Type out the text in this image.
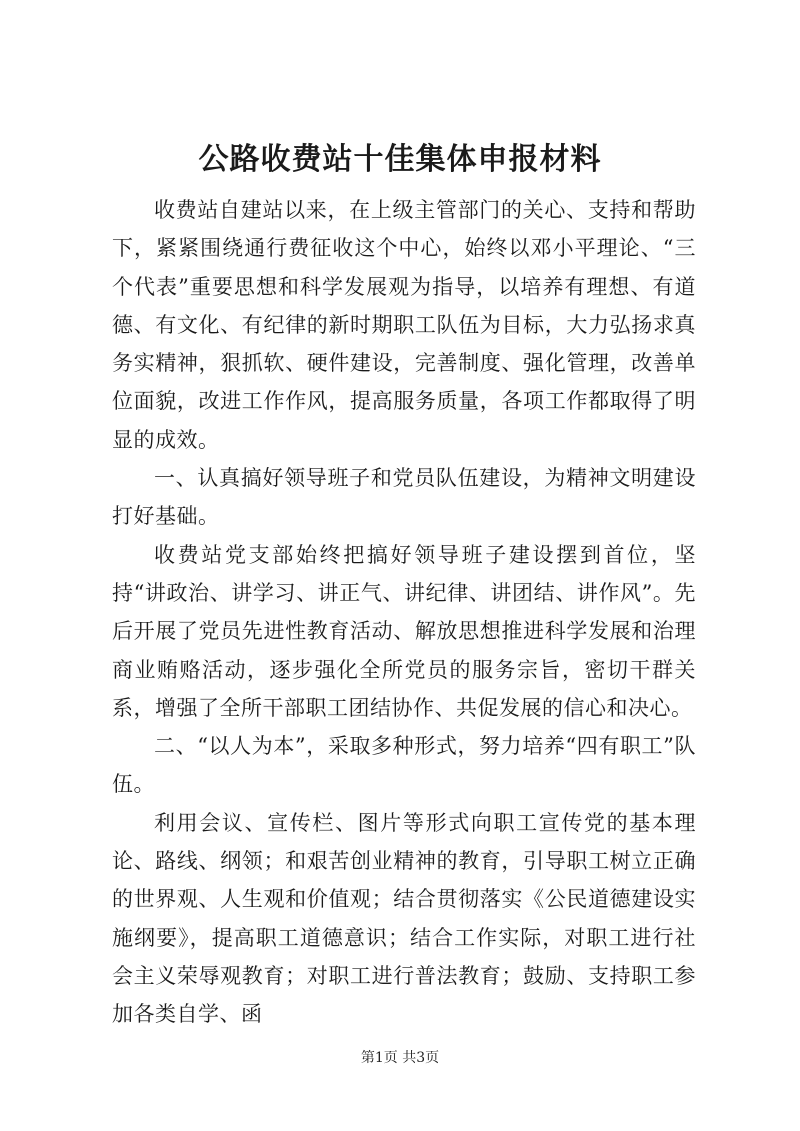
公路收费站十佳集体申报材料

收费站自建站以来，在上级主管部门的关心、支持和帮助下，紧紧围绕通行费征收这个中心，始终以邓小平理论、“三个代表”重要思想和科学发展观为指导，以培养有理想、有道德、有文化、有纪律的新时期职工队伍为目标，大力弘扬求真务实精神，狠抓软、硬件建设，完善制度、强化管理，改善单位面貌，改进工作作风，提高服务质量，各项工作都取得了明显的成效。

一、认真搞好领导班子和党员队伍建设，为精神文明建设打好基础。

收费站党支部始终把搞好领导班子建设摆到首位，坚持“讲政治、讲学习、讲正气、讲纪律、讲团结、讲作风”。先后开展了党员先进性教育活动、解放思想推进科学发展和治理商业贿赂活动，逐步强化全所党员的服务宗旨，密切干群关系，增强了全所干部职工团结协作、共促发展的信心和决心。

二、“以人为本”，采取多种形式，努力培养“四有职工”队伍。

利用会议、宣传栏、图片等形式向职工宣传党的基本理论、路线、纲领；和艰苦创业精神的教育，引导职工树立正确的世界观、人生观和价值观；结合贯彻落实《公民道德建设实施纲要》，提高职工道德意识；结合工作实际，对职工进行社会主义荣辱观教育；对职工进行普法教育；鼓励、支持职工参加各类自学、函

第1页 共3页
